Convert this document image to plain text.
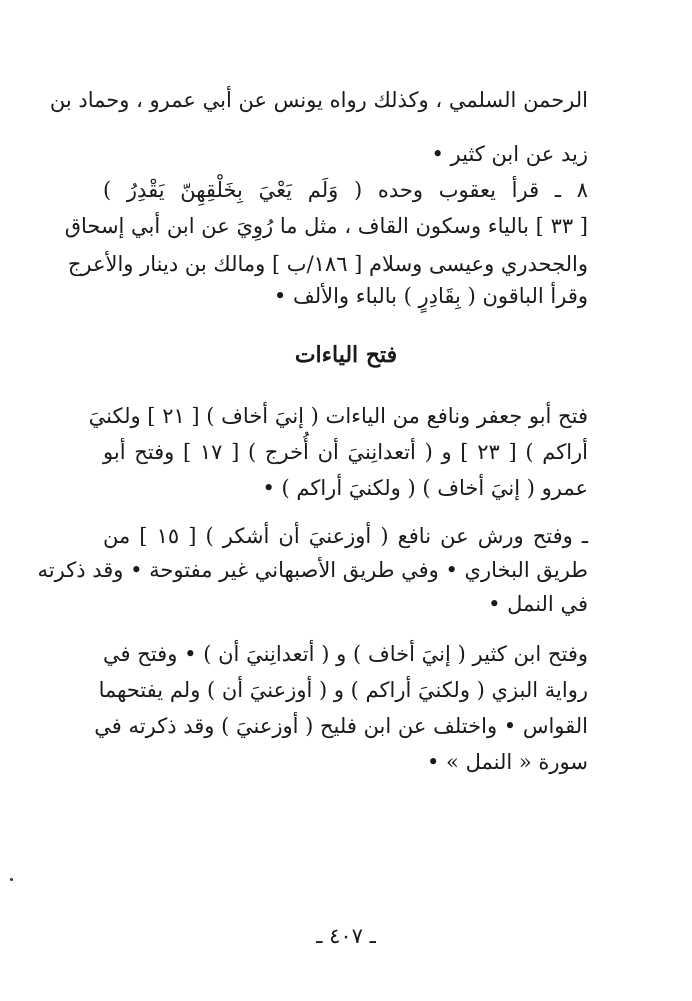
الرحمن السلمي ، وكذلك رواه يونس عن أبي عمرو ، وحماد بن
زيد عن ابن كثير •
٨ ـ قرأ يعقوب وحده ( وَلَم يَعْيَ بِخَلْقِهِنّ يَقْدِرُ )
[ ٣٣ ] بالياء وسكون القاف ، مثل ما رُوِيَ عن ابن أبي إسحاق
والجحدري وعيسى وسلام [ ١٨٦/ب ] ومالك بن دينار والأعرج
وقرأ الباقون ( بِقَادِرٍ ) بالباء والألف •
فتح الياءات
فتح أبو جعفر ونافع من الياءات ( إنيَ أخاف ) [ ٢١ ] ولكنيَ
أراكم ) [ ٢٣ ] و ( أتعدانِنيَ أن أُخرج ) [ ١٧ ] وفتح أبو
عمرو ( إنيَ أخاف ) ( ولكنيَ أراكم ) •
ـ وفتح ورش عن نافع ( أوزعنيَ أن أشكر ) [ ١٥ ] من
طريق البخاري • وفي طريق الأصبهاني غير مفتوحة • وقد ذكرته
في النمل •
وفتح ابن كثير ( إنيَ أخاف ) و ( أتعدانِنيَ أن ) • وفتح في
رواية البزي ( ولكنيَ أراكم ) و ( أوزعنيَ أن ) ولم يفتحهما
القواس • واختلف عن ابن فليح ( أوزعنيَ ) وقد ذكرته في
سورة « النمل » •
ـ ٤٠٧ ـ
